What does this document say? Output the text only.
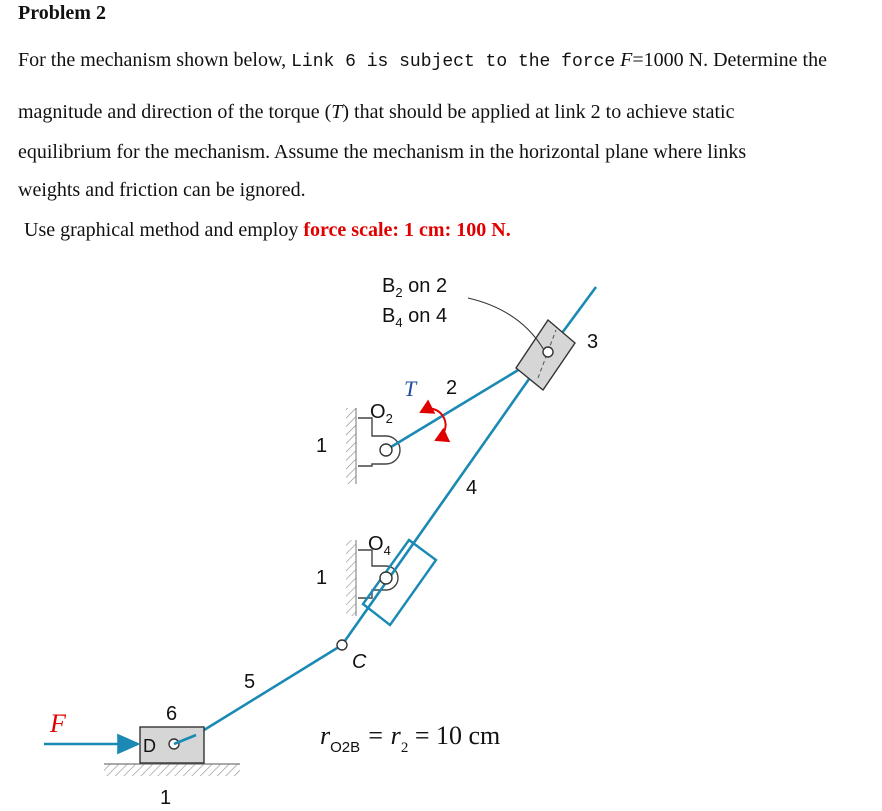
Problem 2
For the mechanism shown below, Link 6 is subject to the force F=1000 N. Determine the
magnitude and direction of the torque (T) that should be applied at link 2 to achieve static
equilibrium for the mechanism. Assume the mechanism in the horizontal plane where links
weights and friction can be ignored.
Use graphical method and employ force scale: 1 cm: 100 N.
$B_2$ on 2
$B_4$ on 4
3
T 2
$O_2$
1
4
$O_4$
1
C
5
6
F
D
1
$r_{O2B} = r_2 = 10$ cm
